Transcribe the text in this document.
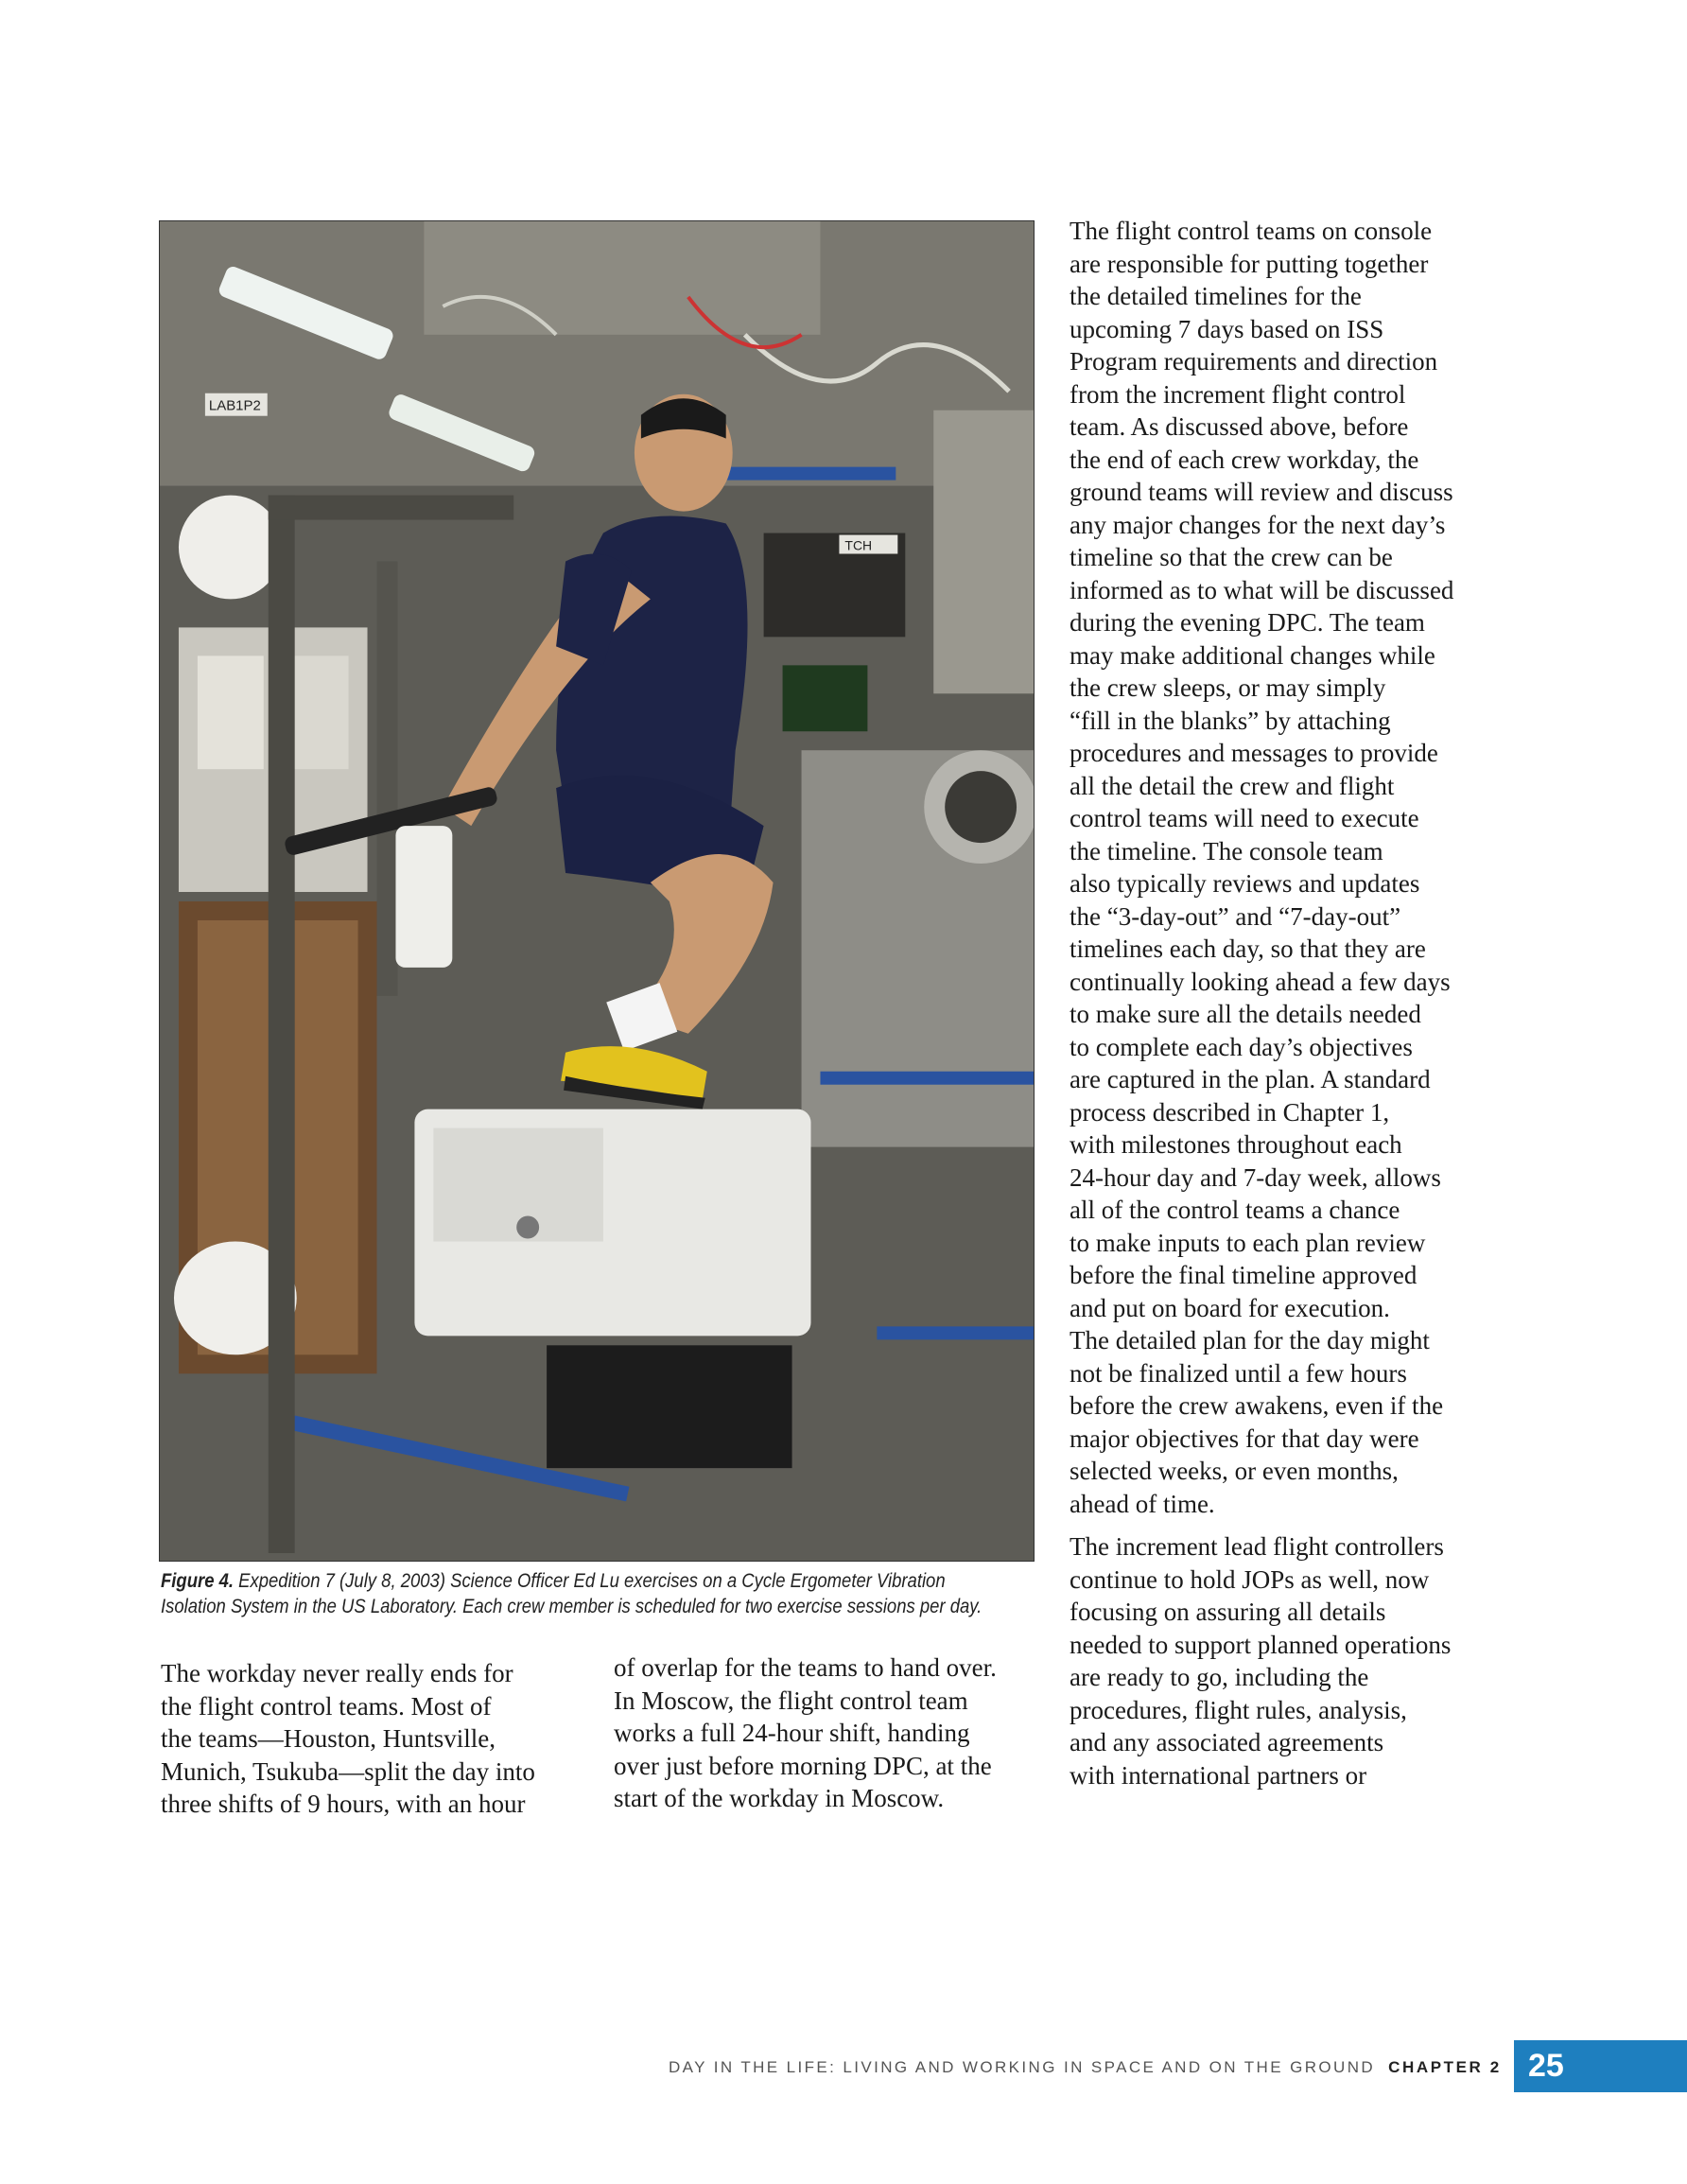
LAB1P2
TCH
Figure 4. Expedition 7 (July 8, 2003) Science Officer Ed Lu exercises on a Cycle Ergometer Vibration
Isolation System in the US Laboratory. Each crew member is scheduled for two exercise sessions per day.

The workday never really ends for
the flight control teams. Most of
the teams—Houston, Huntsville,
Munich, Tsukuba—split the day into
three shifts of 9 hours, with an hour

of overlap for the teams to hand over.
In Moscow, the flight control team
works a full 24-hour shift, handing
over just before morning DPC, at the
start of the workday in Moscow.

The flight control teams on console
are responsible for putting together
the detailed timelines for the
upcoming 7 days based on ISS
Program requirements and direction
from the increment flight control
team. As discussed above, before
the end of each crew workday, the
ground teams will review and discuss
any major changes for the next day’s
timeline so that the crew can be
informed as to what will be discussed
during the evening DPC. The team
may make additional changes while
the crew sleeps, or may simply
“fill in the blanks” by attaching
procedures and messages to provide
all the detail the crew and flight
control teams will need to execute
the timeline. The console team
also typically reviews and updates
the “3-day-out” and “7-day-out”
timelines each day, so that they are
continually looking ahead a few days
to make sure all the details needed
to complete each day’s objectives
are captured in the plan. A standard
process described in Chapter 1,
with milestones throughout each
24-hour day and 7-day week, allows
all of the control teams a chance
to make inputs to each plan review
before the final timeline approved
and put on board for execution.
The detailed plan for the day might
not be finalized until a few hours
before the crew awakens, even if the
major objectives for that day were
selected weeks, or even months,
ahead of time.

The increment lead flight controllers
continue to hold JOPs as well, now
focusing on assuring all details
needed to support planned operations
are ready to go, including the
procedures, flight rules, analysis,
and any associated agreements
with international partners or

DAY IN THE LIFE: LIVING AND WORKING IN SPACE AND ON THE GROUND CHAPTER 2 25
